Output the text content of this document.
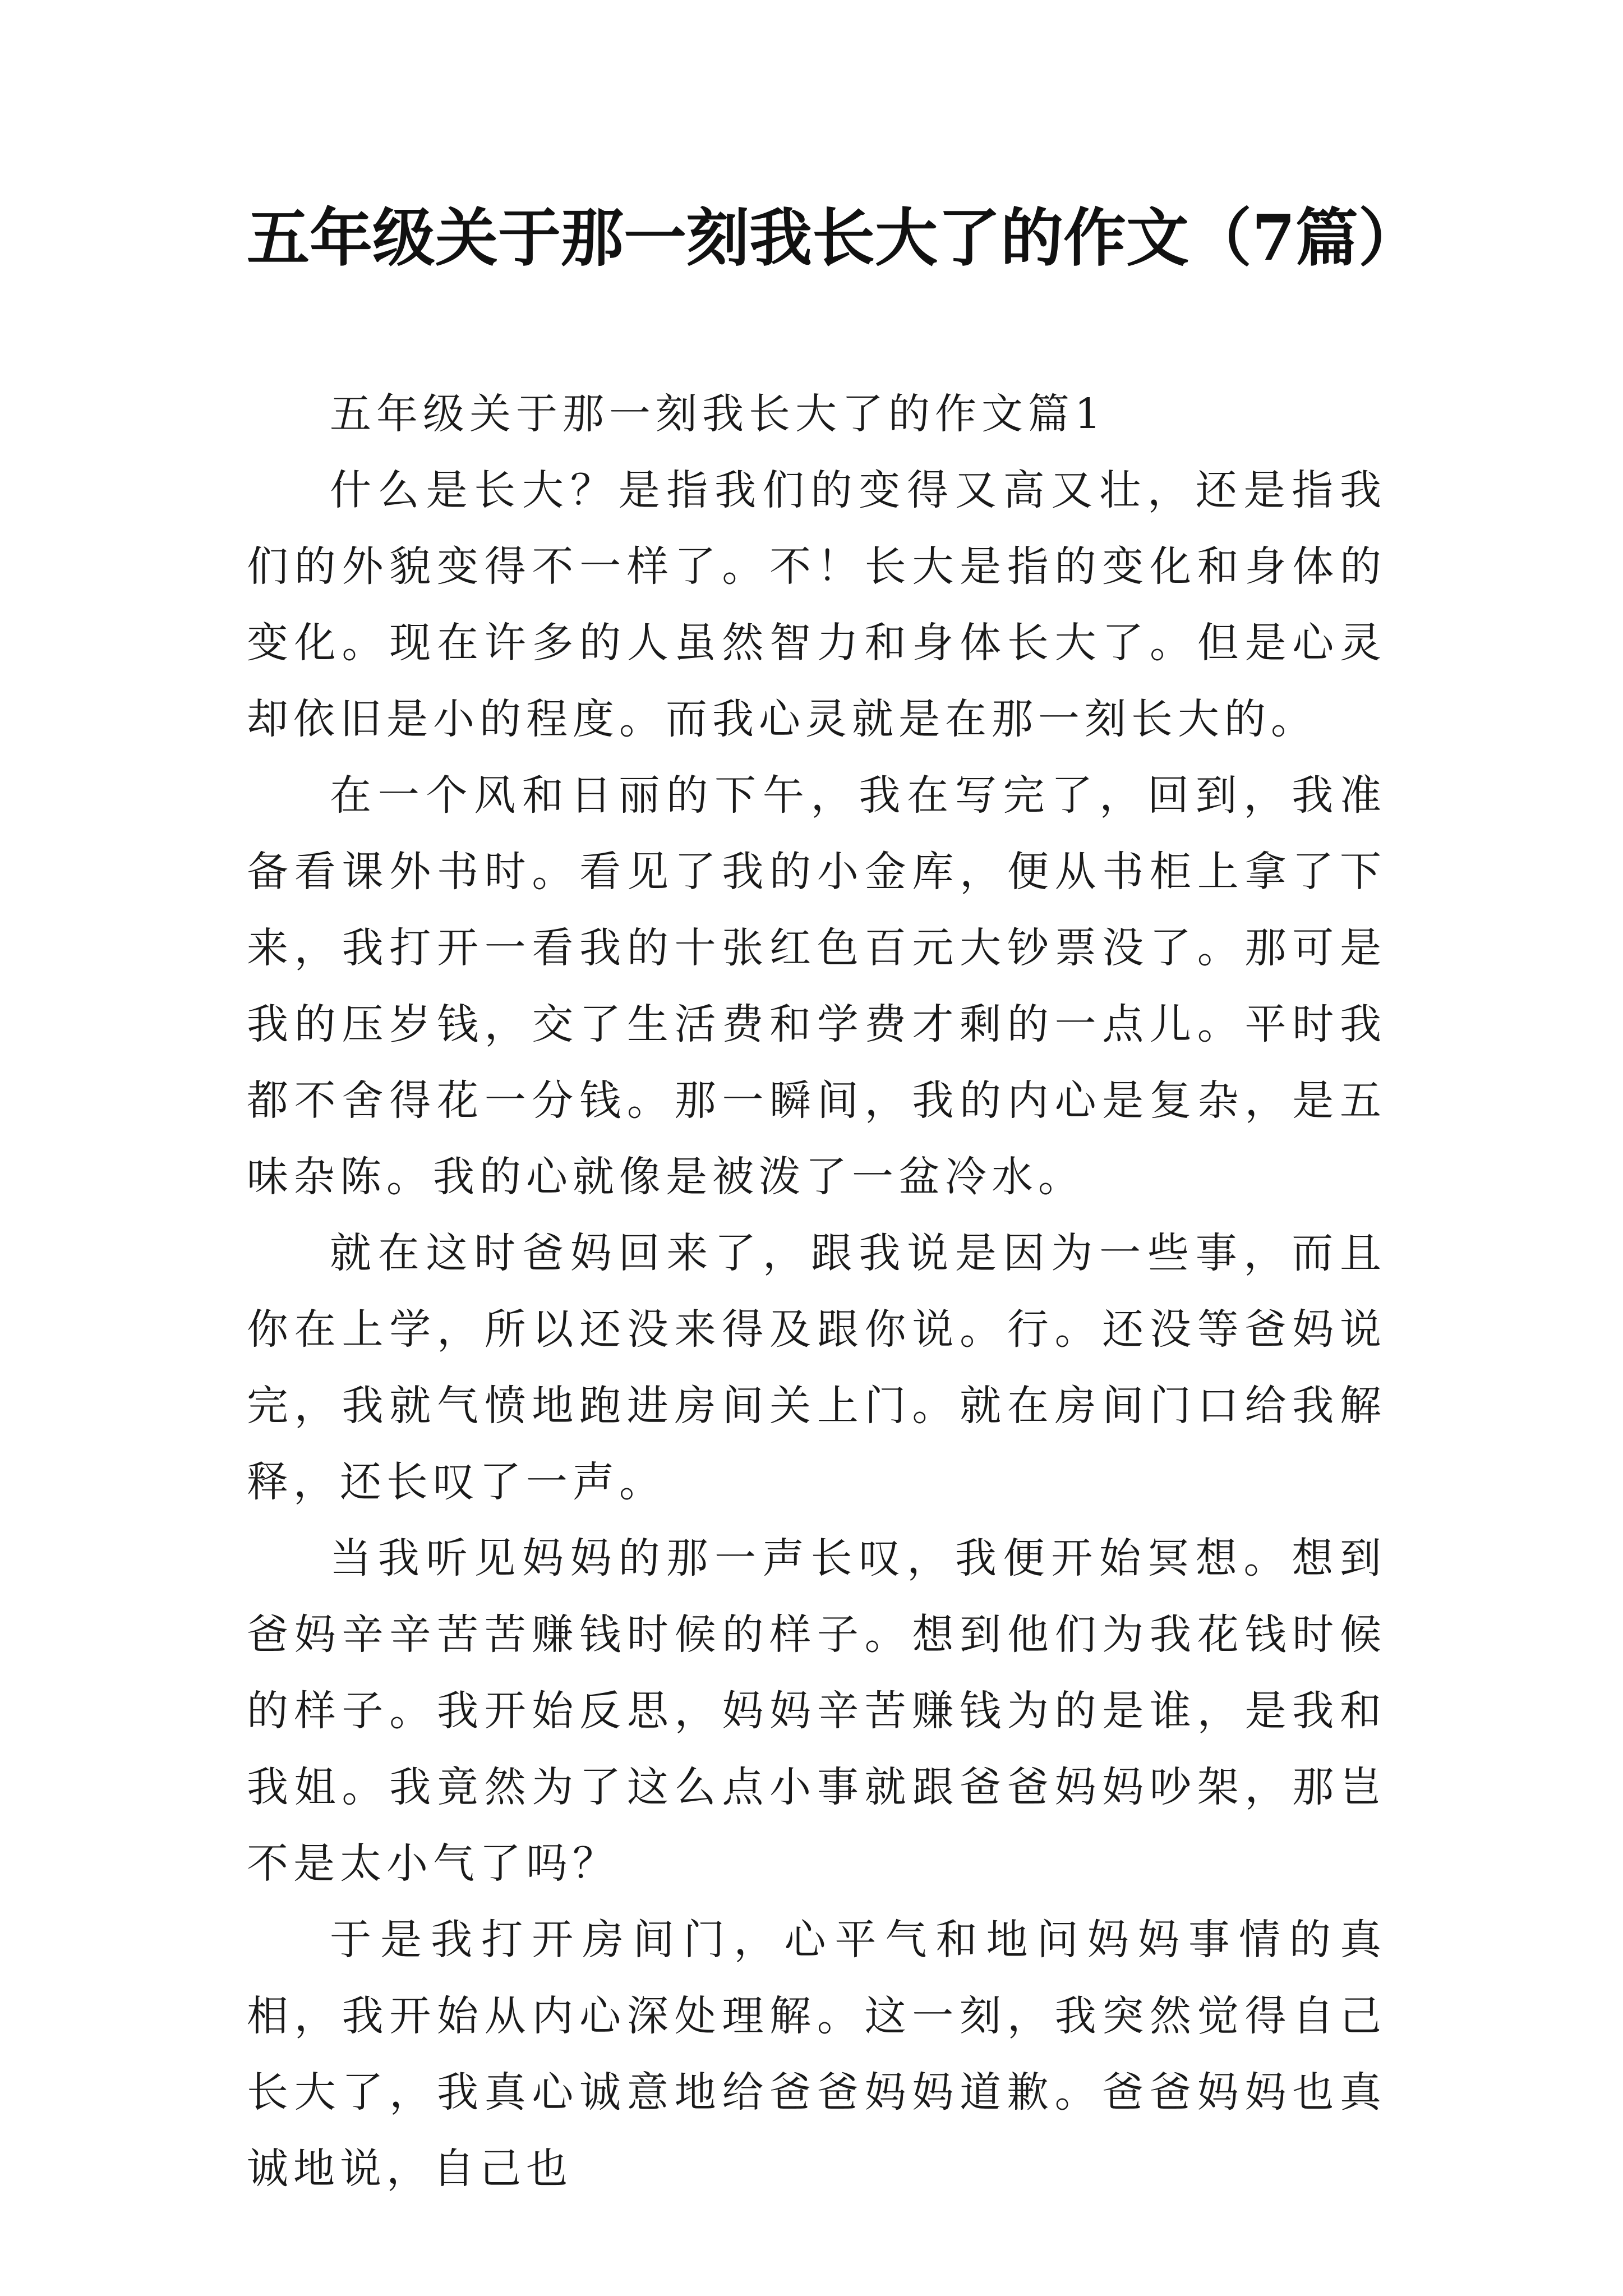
五年级关于那一刻我长大了的作文（7篇）

五年级关于那一刻我长大了的作文篇1

什么是长大？是指我们的变得又高又壮，还是指我们的外貌变得不一样了。不！长大是指的变化和身体的变化。现在许多的人虽然智力和身体长大了。但是心灵却依旧是小的程度。而我心灵就是在那一刻长大的。

在一个风和日丽的下午，我在写完了，回到，我准备看课外书时。看见了我的小金库，便从书柜上拿了下来，我打开一看我的十张红色百元大钞票没了。那可是我的压岁钱，交了生活费和学费才剩的一点儿。平时我都不舍得花一分钱。那一瞬间，我的内心是复杂，是五味杂陈。我的心就像是被泼了一盆冷水。

就在这时爸妈回来了，跟我说是因为一些事，而且你在上学，所以还没来得及跟你说。行。还没等爸妈说完，我就气愤地跑进房间关上门。就在房间门口给我解释，还长叹了一声。

当我听见妈妈的那一声长叹，我便开始冥想。想到爸妈辛辛苦苦赚钱时候的样子。想到他们为我花钱时候的样子。我开始反思，妈妈辛苦赚钱为的是谁，是我和我姐。我竟然为了这么点小事就跟爸爸妈妈吵架，那岂不是太小气了吗？

于是我打开房间门，心平气和地问妈妈事情的真相，我开始从内心深处理解。这一刻，我突然觉得自己长大了，我真心诚意地给爸爸妈妈道歉。爸爸妈妈也真诚地说，自己也
